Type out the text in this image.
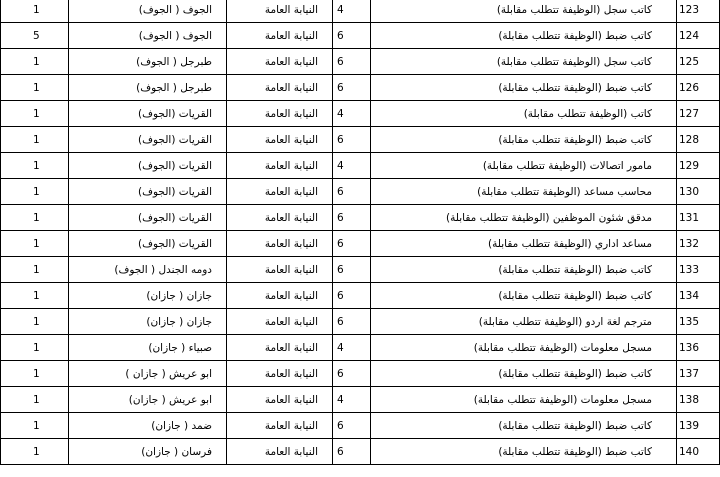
1	الجوف ( الجوف)	النيابة العامة	4	كاتب سجل (الوظيفة تتطلب مقابلة)	123
5	الجوف ( الجوف)	النيابة العامة	6	كاتب ضبط (الوظيفة تتطلب مقابلة)	124
1	طبرجل ( الجوف)	النيابة العامة	6	كاتب سجل (الوظيفة تتطلب مقابلة)	125
1	طبرجل ( الجوف)	النيابة العامة	6	كاتب ضبط (الوظيفة تتطلب مقابلة)	126
1	القريات (الجوف)	النيابة العامة	4	كاتب (الوظيفة تتطلب مقابلة)	127
1	القريات (الجوف)	النيابة العامة	6	كاتب ضبط (الوظيفة تتطلب مقابلة)	128
1	القريات (الجوف)	النيابة العامة	4	مامور اتصالات (الوظيفة تتطلب مقابلة)	129
1	القريات (الجوف)	النيابة العامة	6	محاسب مساعد (الوظيفة تتطلب مقابلة)	130
1	القريات (الجوف)	النيابة العامة	6	مدقق شئون الموظفين (الوظيفة تتطلب مقابلة)	131
1	القريات (الجوف)	النيابة العامة	6	مساعد اداري (الوظيفة تتطلب مقابلة)	132
1	دومه الجندل ( الجوف)	النيابة العامة	6	كاتب ضبط (الوظيفة تتطلب مقابلة)	133
1	جازان ( جازان)	النيابة العامة	6	كاتب ضبط (الوظيفة تتطلب مقابلة)	134
1	جازان ( جازان)	النيابة العامة	6	مترجم لغة اردو (الوظيفة تتطلب مقابلة)	135
1	صبياء ( جازان)	النيابة العامة	4	مسجل معلومات (الوظيفة تتطلب مقابلة)	136
1	ابو عريش ( جازان )	النيابة العامة	6	كاتب ضبط (الوظيفة تتطلب مقابلة)	137
1	ابو عريش ( جازان)	النيابة العامة	4	مسجل معلومات (الوظيفة تتطلب مقابلة)	138
1	ضمد ( جازان)	النيابة العامة	6	كاتب ضبط (الوظيفة تتطلب مقابلة)	139
1	فرسان ( جازان)	النيابة العامة	6	كاتب ضبط (الوظيفة تتطلب مقابلة)	140
